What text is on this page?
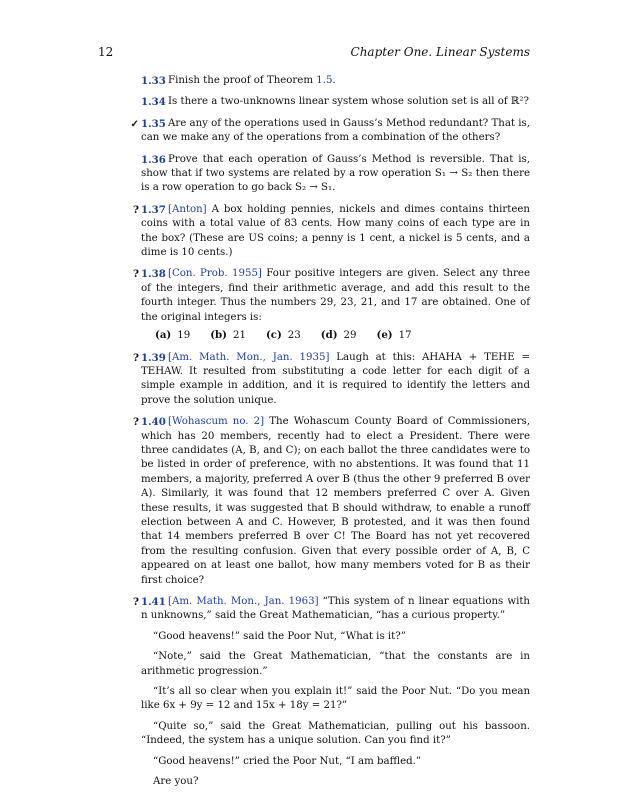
12	Chapter One. Linear Systems
1.33 Finish the proof of Theorem 1.5.
1.34 Is there a two-unknowns linear system whose solution set is all of ℝ²?
✓ 1.35 Are any of the operations used in Gauss’s Method redundant? That is, can we make any of the operations from a combination of the others?
1.36 Prove that each operation of Gauss’s Method is reversible. That is, show that if two systems are related by a row operation S₁ → S₂ then there is a row operation to go back S₂ → S₁.
? 1.37 [Anton] A box holding pennies, nickels and dimes contains thirteen coins with a total value of 83 cents. How many coins of each type are in the box? (These are US coins; a penny is 1 cent, a nickel is 5 cents, and a dime is 10 cents.)
? 1.38 [Con. Prob. 1955] Four positive integers are given. Select any three of the integers, find their arithmetic average, and add this result to the fourth integer. Thus the numbers 29, 23, 21, and 17 are obtained. One of the original integers is:
(a) 19 (b) 21 (c) 23 (d) 29 (e) 17
? 1.39 [Am. Math. Mon., Jan. 1935] Laugh at this: AHAHA + TEHE = TEHAW. It resulted from substituting a code letter for each digit of a simple example in addition, and it is required to identify the letters and prove the solution unique.
? 1.40 [Wohascum no. 2] The Wohascum County Board of Commissioners, which has 20 members, recently had to elect a President. There were three candidates (A, B, and C); on each ballot the three candidates were to be listed in order of preference, with no abstentions. It was found that 11 members, a majority, preferred A over B (thus the other 9 preferred B over A). Similarly, it was found that 12 members preferred C over A. Given these results, it was suggested that B should withdraw, to enable a runoff election between A and C. However, B protested, and it was then found that 14 members preferred B over C! The Board has not yet recovered from the resulting confusion. Given that every possible order of A, B, C appeared on at least one ballot, how many members voted for B as their first choice?
? 1.41 [Am. Math. Mon., Jan. 1963] “This system of n linear equations with n unknowns,” said the Great Mathematician, “has a curious property.”
“Good heavens!” said the Poor Nut, “What is it?”
“Note,” said the Great Mathematician, “that the constants are in arithmetic progression.”
“It’s all so clear when you explain it!” said the Poor Nut. “Do you mean like 6x + 9y = 12 and 15x + 18y = 21?”
“Quite so,” said the Great Mathematician, pulling out his bassoon. “Indeed, the system has a unique solution. Can you find it?”
“Good heavens!” cried the Poor Nut, “I am baffled.”
Are you?
